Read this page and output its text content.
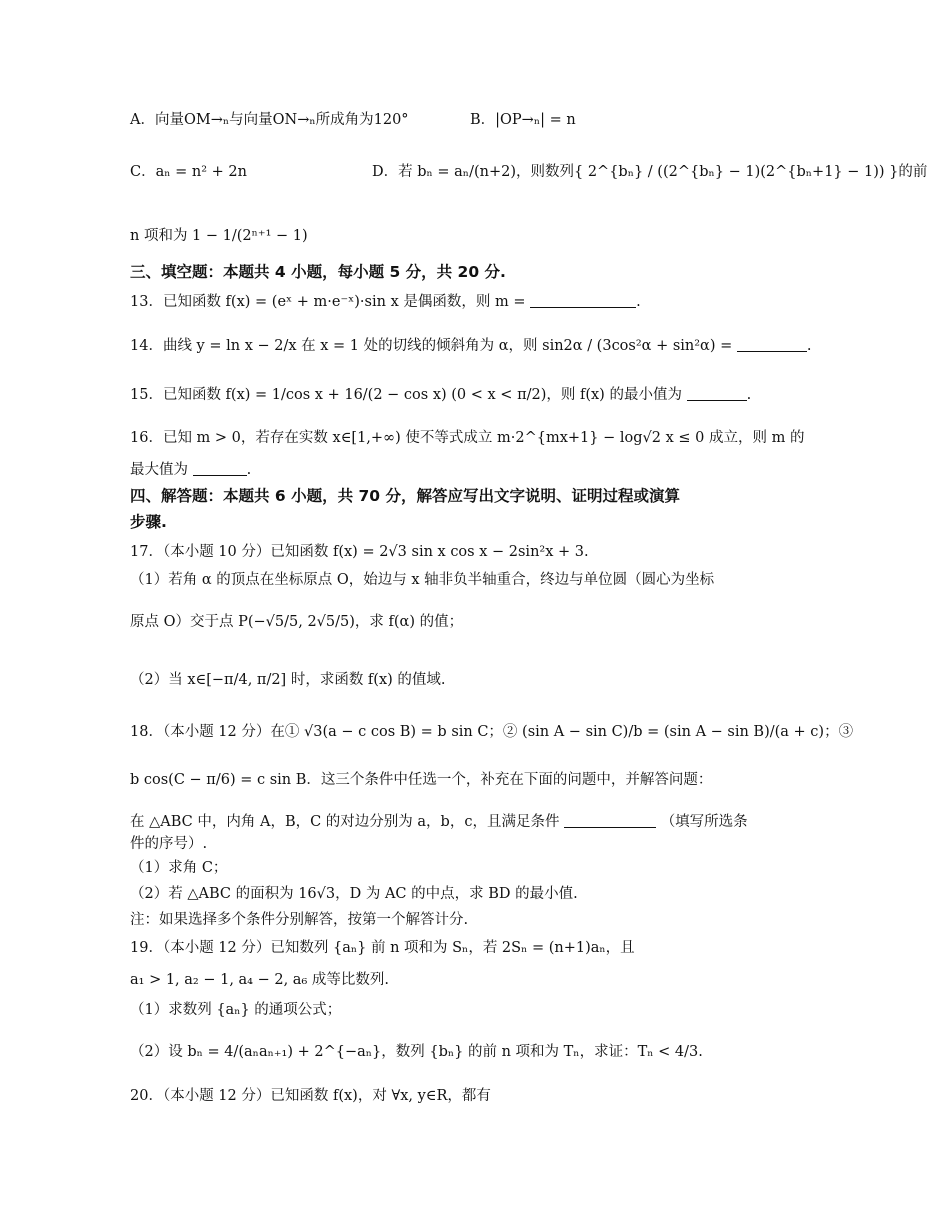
A．向量OM→ₙ与向量ON→ₙ所成角为120°	B．|OP→ₙ| = n
C．aₙ = n² + 2n	D．若 bₙ = aₙ/(n+2)，则数列{ 2^{bₙ} / ((2^{bₙ} − 1)(2^{bₙ+1} − 1)) }的前
n 项和为 1 − 1/(2ⁿ⁺¹ − 1)
三、填空题：本题共 4 小题，每小题 5 分，共 20 分.
13．已知函数 f(x) = (eˣ + m·e⁻ˣ)·sin x 是偶函数，则 m =	.
14．曲线 y = ln x − 2/x 在 x = 1 处的切线的倾斜角为 α，则 sin2α / (3cos²α + sin²α) =	.
15．已知函数 f(x) = 1/cos x + 16/(2 − cos x) (0 < x < π/2)，则 f(x) 的最小值为	.
16．已知 m > 0，若存在实数 x∈[1,+∞) 使不等式成立 m·2^{mx+1} − log√2 x ≤ 0 成立，则 m 的
最大值为	.
四、解答题：本题共 6 小题，共 70 分，解答应写出文字说明、证明过程或演算
步骤.
17．（本小题 10 分）已知函数 f(x) = 2√3 sin x cos x − 2sin²x + 3.
（1）若角 α 的顶点在坐标原点 O，始边与 x 轴非负半轴重合，终边与单位圆（圆心为坐标
原点 O）交于点 P(−√5/5, 2√5/5)，求 f(α) 的值；
（2）当 x∈[−π/4, π/2] 时，求函数 f(x) 的值域.
18．（本小题 12 分）在① √3(a − c cos B) = b sin C；② (sin A − sin C)/b = (sin A − sin B)/(a + c)；③
b cos(C − π/6) = c sin B．这三个条件中任选一个，补充在下面的问题中，并解答问题：
在 △ABC 中，内角 A，B，C 的对边分别为 a，b，c，且满足条件	（填写所选条
件的序号）.
（1）求角 C；
（2）若 △ABC 的面积为 16√3，D 为 AC 的中点，求 BD 的最小值.
注：如果选择多个条件分别解答，按第一个解答计分.
19．（本小题 12 分）已知数列 {aₙ} 前 n 项和为 Sₙ，若 2Sₙ = (n+1)aₙ，且
a₁ > 1, a₂ − 1, a₄ − 2, a₆ 成等比数列.
（1）求数列 {aₙ} 的通项公式；
（2）设 bₙ = 4/(aₙaₙ₊₁) + 2^{−aₙ}，数列 {bₙ} 的前 n 项和为 Tₙ，求证：Tₙ < 4/3.
20．（本小题 12 分）已知函数 f(x)，对 ∀x, y∈R，都有
